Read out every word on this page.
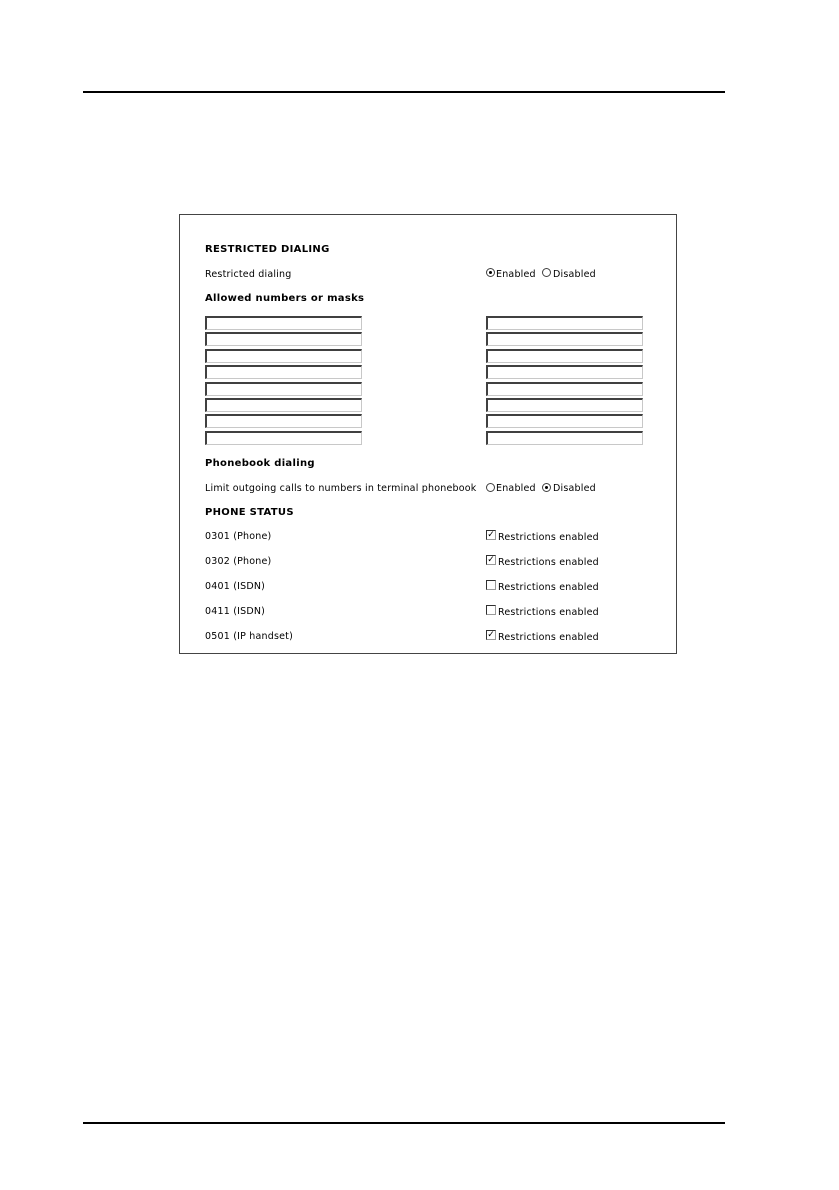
RESTRICTED DIALING
Restricted dialing	Enabled Disabled
Allowed numbers or masks
Phonebook dialing
Limit outgoing calls to numbers in terminal phonebook Enabled Disabled
PHONE STATUS
0301 (Phone)	✓ Restrictions enabled
0302 (Phone)	✓ Restrictions enabled
0401 (ISDN)	Restrictions enabled
0411 (ISDN)	Restrictions enabled
0501 (IP handset)	✓ Restrictions enabled
